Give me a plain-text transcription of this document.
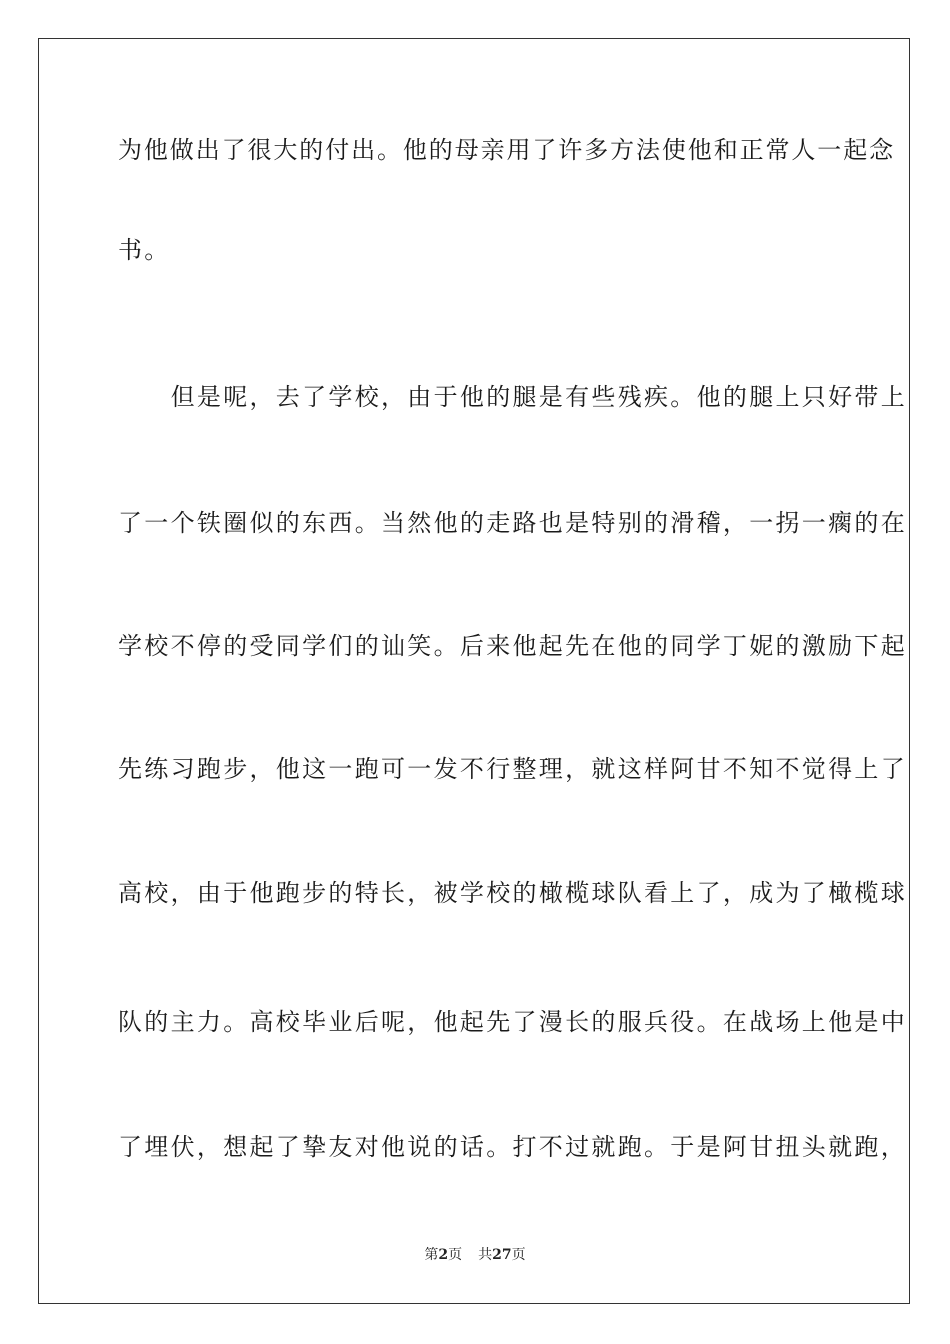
为他做出了很大的付出。他的母亲用了许多方法使他和正常人一起念
书。
　　但是呢，去了学校，由于他的腿是有些残疾。他的腿上只好带上
了一个铁圈似的东西。当然他的走路也是特别的滑稽，一拐一瘸的在
学校不停的受同学们的讪笑。后来他起先在他的同学丁妮的激励下起
先练习跑步，他这一跑可一发不行整理，就这样阿甘不知不觉得上了
高校，由于他跑步的特长，被学校的橄榄球队看上了，成为了橄榄球
队的主力。高校毕业后呢，他起先了漫长的服兵役。在战场上他是中
了埋伏，想起了挚友对他说的话。打不过就跑。于是阿甘扭头就跑，
第2页 共27页
